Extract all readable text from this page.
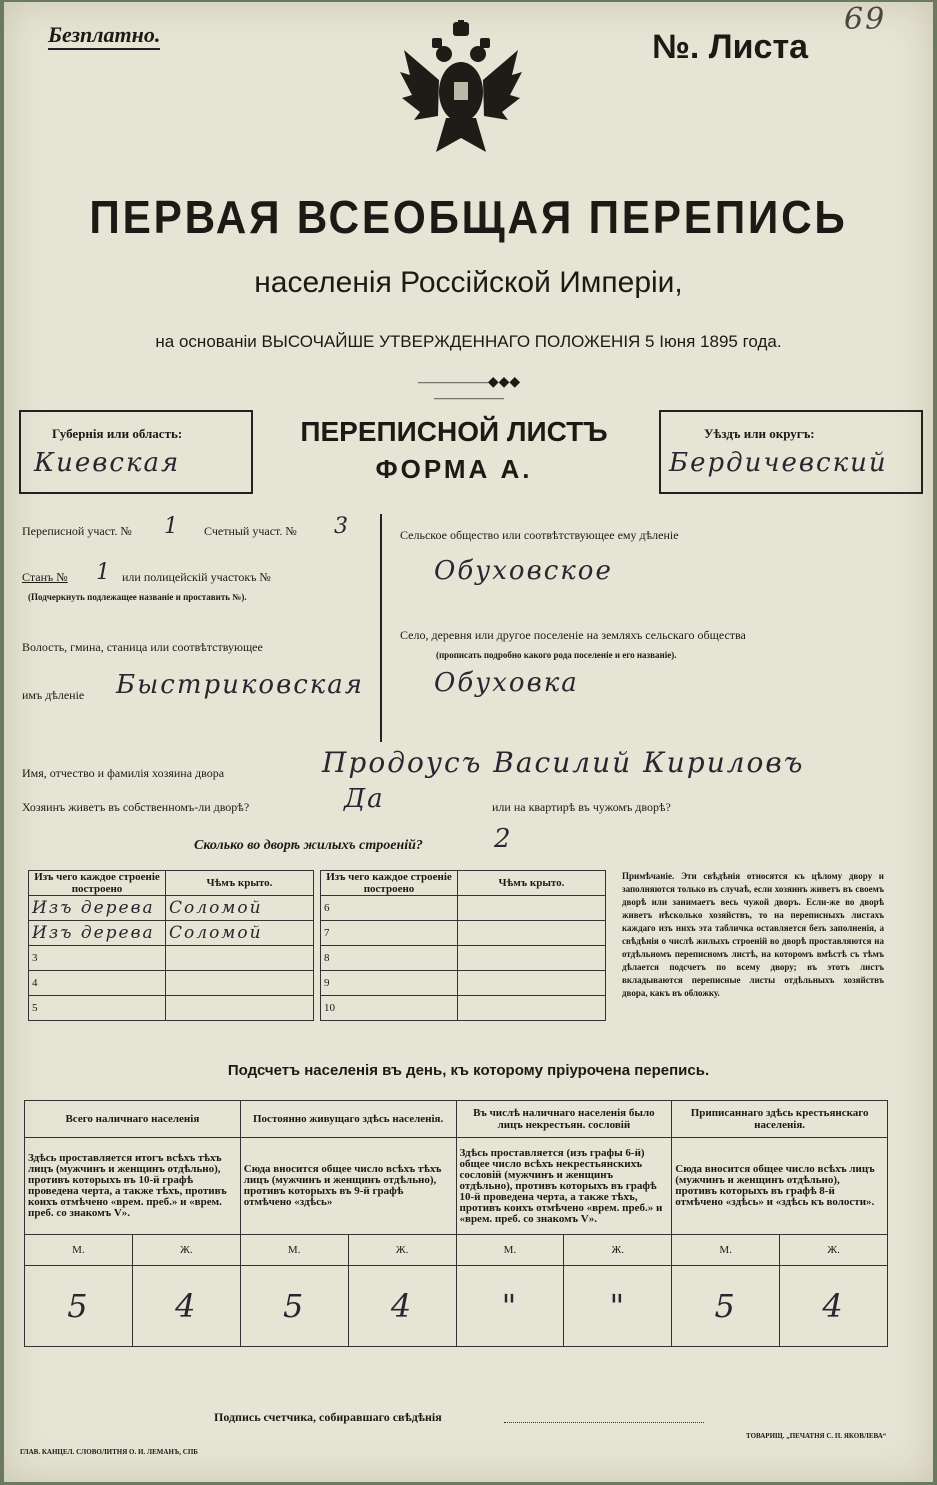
Безплатно.	№. Листа
69
ПЕРВАЯ ВСЕОБЩАЯ ПЕРЕПИСЬ
населенія Россійской Имперіи,
на основаніи ВЫСОЧАЙШЕ УТВЕРЖДЕННАГО ПОЛОЖЕНІЯ 5 Іюня 1895 года.
—————◆◆◆—————
Губернія или область:
Киевская
ПЕРЕПИСНОЙ ЛИСТЪ
ФОРМА А.
Уѣздъ или округъ:
Бердичевский
Переписной участ. № 1 Счетный участ. № 3
Станъ № 1 или полицейскій участокъ №
(Подчеркнуть подлежащее названіе и проставить №).
Волость, гмина, станица или соотвѣтствующее
имъ дѣленіе Быстриковская
Сельское общество или соотвѣтствующее ему дѣленіе
Обуховское
Село, деревня или другое поселеніе на земляхъ сельскаго общества
(прописать подробно какого рода поселеніе и его названіе).
Обуховка
Имя, отчество и фамилія хозяина двора	Продоусъ Василий Кириловъ
Хозяинъ живетъ въ собственномъ-ли дворѣ?	Да	или на квартирѣ въ чужомъ дворѣ?
Сколько во дворѣ жилыхъ строеній?	2
Изъ чего каждое строеніе построено	Чѣмъ крыто.
Изъ дерева	Соломой
Изъ дерева	Соломой
3	
4	
5	
Изъ чего каждое строеніе построено	Чѣмъ крыто.
6	
7	
8	
9	
10	
Примѣчаніе. Эти свѣдѣнія относятся къ цѣлому двору и заполняются только въ случаѣ, если хозяинъ живетъ въ своемъ дворѣ или занимаетъ весь чужой дворъ. Если-же во дворѣ живетъ нѣсколько хозяйствъ, то на переписныхъ листахъ каждаго изъ нихъ эта табличка оставляется безъ заполненія, а свѣдѣнія о числѣ жилыхъ строеній во дворѣ проставляются на отдѣльномъ переписномъ листѣ, на которомъ вмѣстѣ съ тѣмъ дѣлается подсчетъ по всему двору; въ этотъ листъ вкладываются переписные листы отдѣльныхъ хозяйствъ двора, какъ въ обложку.
Подсчетъ населенія въ день, къ которому пріурочена перепись.
Всего наличнаго населенія		Постоянно живущаго здѣсь населенія.		Въ числѣ наличнаго населенія было лицъ некрестьян. сословій		Приписаннаго здѣсь крестьянскаго населенія.	
Здѣсь проставляется итогъ всѣхъ тѣхъ лицъ (мужчинъ и женщинъ отдѣльно), противъ которыхъ въ 10-й графѣ проведена черта, а также тѣхъ, противъ коихъ отмѣчено «врем. преб.» и «врем. преб. со знакомъ V».		Сюда вносится общее число всѣхъ тѣхъ лицъ (мужчинъ и женщинъ отдѣльно), противъ которыхъ въ 9-й графѣ отмѣчено «здѣсь»		Здѣсь проставляется (изъ графы 6-й) общее число всѣхъ некрестьянскихъ сословій (мужчинъ и женщинъ отдѣльно), противъ которыхъ въ графѣ 10-й проведена черта, а также тѣхъ, противъ коихъ отмѣчено «врем. преб.» и «врем. преб. со знакомъ V».		Сюда вносится общее число всѣхъ лицъ (мужчинъ и женщинъ отдѣльно), противъ которыхъ въ графѣ 8-й отмѣчено «здѣсь» и «здѣсь къ волости».	
М.	Ж.	М.	Ж.	М.	Ж.	М.	Ж.
5	4	5	4	"	"	5	4
Подпись счетчика, собиравшаго свѣдѣнія
ГЛАВ. КАНЦЕЛ. СЛОВОЛИТНЯ О. И. ЛЕМАНЪ, СПБ
ТОВАРИЩ. „ПЕЧАТНЯ С. П. ЯКОВЛЕВА“
